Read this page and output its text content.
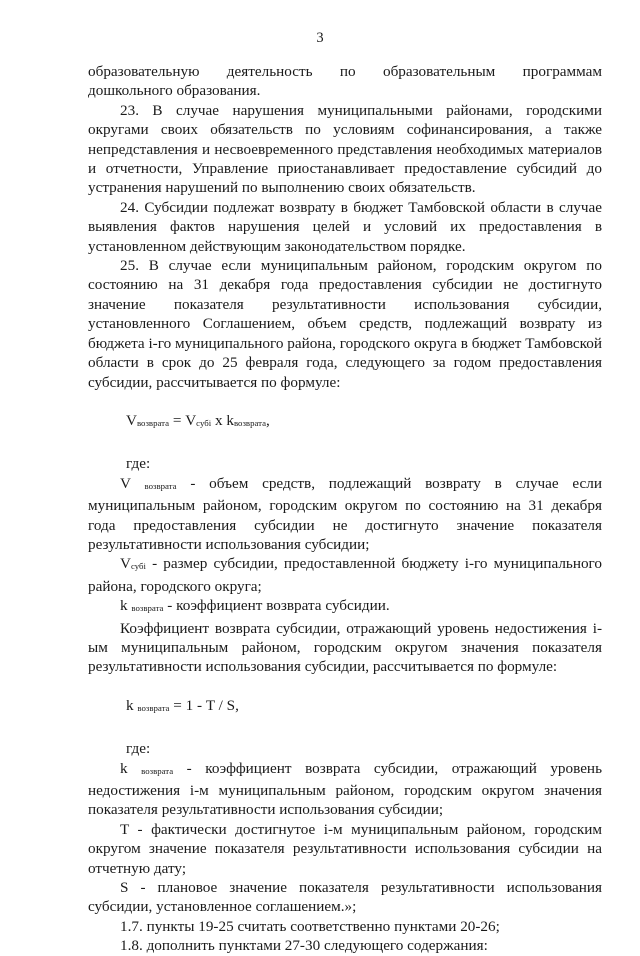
3

образовательную деятельность по образовательным программам

дошкольного образования.

23. В случае нарушения муниципальными районами, городскими округами своих обязательств по условиям софинансирования, а также непредставления и несвоевременного представления необходимых материалов и отчетности, Управление приостанавливает предоставление субсидий до устранения нарушений по выполнению своих обязательств.

24. Субсидии подлежат возврату в бюджет Тамбовской области в случае выявления фактов нарушения целей и условий их предоставления в установленном действующим законодательством порядке.

25. В случае если муниципальным районом, городским округом по состоянию на 31 декабря года предоставления субсидии не достигнуто значение показателя результативности использования субсидии, установленного Соглашением, объем средств, подлежащий возврату из бюджета i-го муниципального района, городского округа в бюджет Тамбовской области в срок до 25 февраля года, следующего за годом предоставления субсидии, рассчитывается по формуле:

$V_{возврата} = V_{субi}$ x $k_{возврата}$,
где:

V $_{возврата}$ - объем средств, подлежащий возврату в случае если муниципальным районом, городским округом по состоянию на 31 декабря года предоставления субсидии не достигнуто значение показателя результативности использования субсидии;

$V_{субi}$ - размер субсидии, предоставленной бюджету i-го муниципального района, городского округа;

k $_{возврата}$ - коэффициент возврата субсидии.

Коэффициент возврата субсидии, отражающий уровень недостижения i-ым муниципальным районом, городским округом значения показателя результативности использования субсидии, рассчитывается по формуле:

k $_{возврата}$ = 1 - T / S,
где:

k $_{возврата}$ - коэффициент возврата субсидии, отражающий уровень недостижения i-м муниципальным районом, городским округом значения показателя результативности использования субсидии;

T - фактически достигнутое i-м муниципальным районом, городским округом значение показателя результативности использования субсидии на отчетную дату;

S - плановое значение показателя результативности использования субсидии, установленное соглашением.»;

1.7. пункты 19-25 считать соответственно пунктами 20-26;

1.8. дополнить пунктами 27-30 следующего содержания:
